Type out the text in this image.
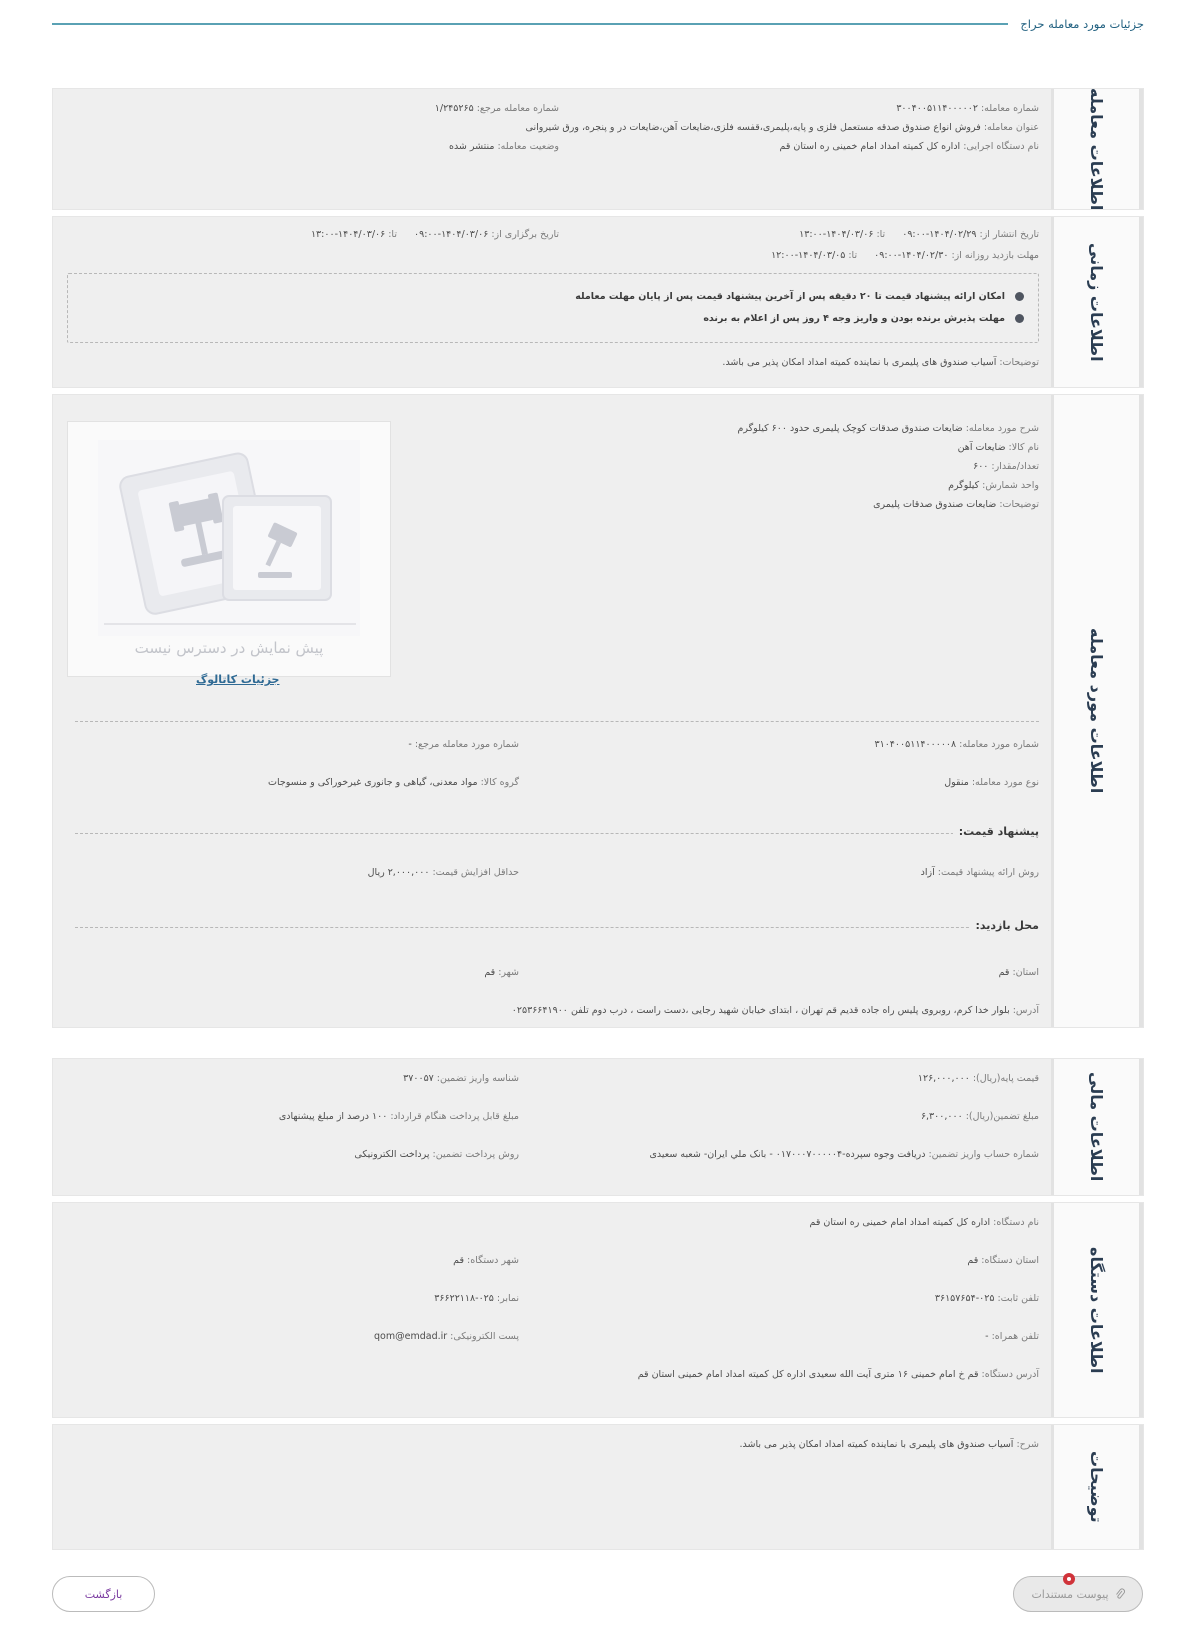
جزئیات مورد معامله حراج
اطلاعات معامله
شماره معامله:۳۰۰۴۰۰۵۱۱۴۰۰۰۰۰۲
شماره معامله مرجع:۱/۲۴۵۲۶۵
عنوان معامله:فروش انواع صندوق صدقه مستعمل فلزی و پایه،پلیمری،قفسه فلزی،ضایعات آهن،ضایعات در و پنجره، ورق شیروانی
نام دستگاه اجرایی:اداره کل کمیته امداد امام خمینی ره استان قم
وضعیت معامله:منتشر شده
اطلاعات زمانی
تاریخ انتشار از:۱۴۰۴/۰۲/۲۹-۰۹:۰۰ تا:۱۴۰۴/۰۳/۰۶-۱۳:۰۰
تاریخ برگزاری از:۱۴۰۴/۰۳/۰۶-۰۹:۰۰ تا:۱۴۰۴/۰۳/۰۶-۱۳:۰۰
مهلت بازدید روزانه از:۱۴۰۴/۰۲/۳۰-۰۹:۰۰ تا:۱۴۰۴/۰۳/۰۵-۱۲:۰۰
امکان ارائه پیشنهاد قیمت تا ۲۰ دقیقه پس از آخرین پیشنهاد قیمت پس از پایان مهلت معامله
مهلت پذیرش برنده بودن و واریز وجه ۴ روز پس از اعلام به برنده
توضیحات:آسیاب صندوق های پلیمری با نماینده کمیته امداد امکان پذیر می باشد.
اطلاعات مورد معامله
شرح مورد معامله:ضایعات صندوق صدقات کوچک پلیمری حدود ۶۰۰ کیلوگرم
نام کالا:ضایعات آهن
تعداد/مقدار:۶۰۰
واحد شمارش:کیلوگرم
توضیحات:ضایعات صندوق صدقات پلیمری
پیش نمایش در دسترس نیست
جزئیات کاتالوگ
شماره مورد معامله:۳۱۰۴۰۰۵۱۱۴۰۰۰۰۰۸
شماره مورد معامله مرجع:-
نوع مورد معامله:منقول
گروه کالا:مواد معدنی، گیاهی و جانوری غیرخوراکی و منسوجات
پیشنهاد قیمت:
روش ارائه پیشنهاد قیمت:آزاد
حداقل افزایش قیمت:۲,۰۰۰,۰۰۰ ریال
محل بازدید:
استان:قم
شهر:قم
آدرس:بلوار خدا کرم، روبروی پلیس راه جاده قدیم قم تهران ، ابتدای خیابان شهید رجایی ،دست راست ، درب دوم تلفن ۰۲۵۳۶۶۴۱۹۰۰
اطلاعات مالی
قیمت پایه(ریال):۱۲۶,۰۰۰,۰۰۰
شناسه واریز تضمین:۳۷۰۰۵۷
مبلغ تضمین(ریال):۶,۳۰۰,۰۰۰
مبلغ قابل پرداخت هنگام قرارداد:۱۰۰ درصد از مبلغ پیشنهادی
شماره حساب واریز تضمین:دریافت وجوه سپرده-۰۱۷۰۰۰۷۰۰۰۰۰۴ - بانک ملي ايران- شعبه سعيدی
روش پرداخت تضمین:پرداخت الکترونیکی
اطلاعات دستگاه
نام دستگاه:اداره کل کمیته امداد امام خمینی ره استان قم
استان دستگاه:قم
شهر دستگاه:قم
تلفن ثابت:۰۲۵-۳۶۱۵۷۶۵۴
نمابر:۰۲۵-۳۶۶۲۲۱۱۸
تلفن همراه:-
پست الکترونیکی:qom@emdad.ir
آدرس دستگاه:قم خ امام خمینی ۱۶ متری آیت الله سعیدی اداره کل کمیته امداد امام خمینی استان قم
توضیحات
شرح:آسیاب صندوق های پلیمری با نماینده کمیته امداد امکان پذیر می باشد.
پیوست مستندات
بازگشت
